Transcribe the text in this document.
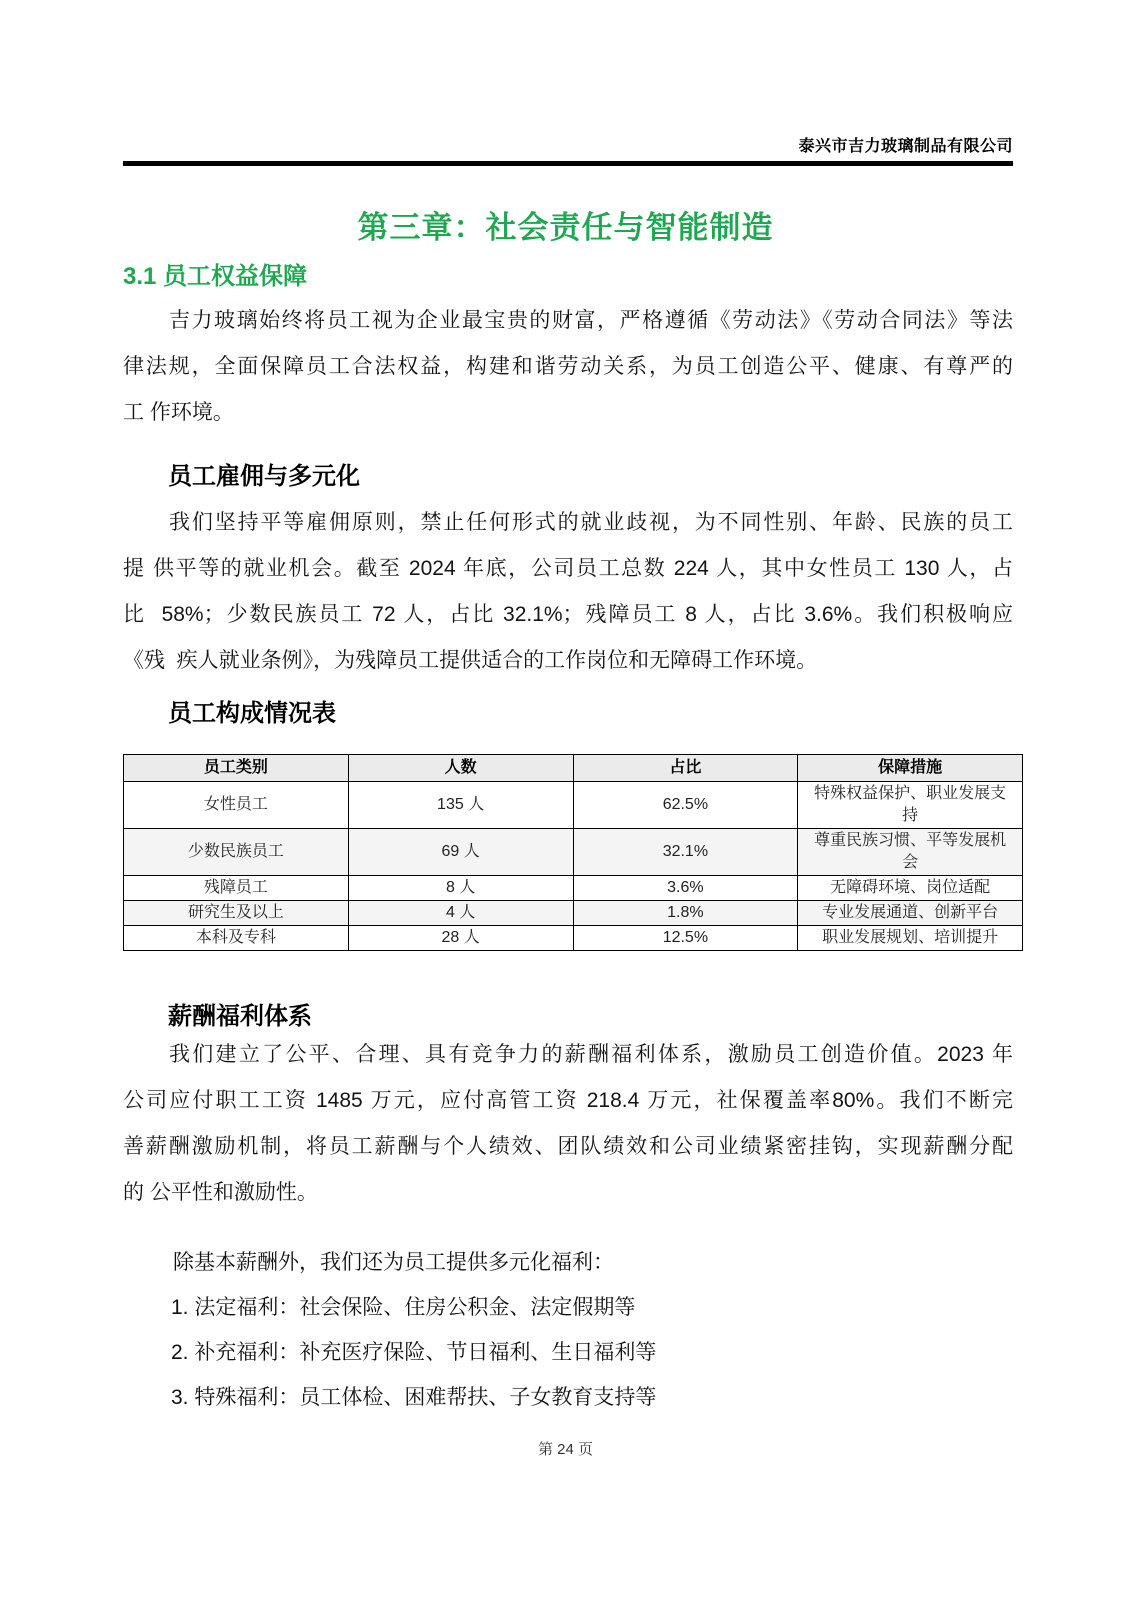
泰兴市吉力玻璃制品有限公司
第三章：社会责任与智能制造
3.1 员工权益保障
吉力玻璃始终将员工视为企业最宝贵的财富，严格遵循《劳动法》《劳动合同法》等法
律法规，全面保障员工合法权益，构建和谐劳动关系，为员工创造公平、健康、有尊严的
工 作环境。
员工雇佣与多元化
我们坚持平等雇佣原则，禁止任何形式的就业歧视，为不同性别、年龄、民族的员工
提 供平等的就业机会。截至 2024 年底，公司员工总数 224 人，其中女性员工 130 人，占
比  58%；少数民族员工 72 人，占比 32.1%；残障员工 8 人，占比 3.6%。我们积极响应
《残  疾人就业条例》，为残障员工提供适合的工作岗位和无障碍工作环境。
员工构成情况表
员工类别	人数	占比	保障措施
女性员工	135 人	62.5%	特殊权益保护、职业发展支持
少数民族员工	69 人	32.1%	尊重民族习惯、平等发展机会
残障员工	8 人	3.6%	无障碍环境、岗位适配
研究生及以上	4 人	1.8%	专业发展通道、创新平台
本科及专科	28 人	12.5%	职业发展规划、培训提升
薪酬福利体系
我们建立了公平、合理、具有竞争力的薪酬福利体系，激励员工创造价值。2023 年
公司应付职工工资 1485 万元，应付高管工资 218.4 万元，社保覆盖率80%。我们不断完
善薪酬激励机制，将员工薪酬与个人绩效、团队绩效和公司业绩紧密挂钩，实现薪酬分配
的 公平性和激励性。
除基本薪酬外，我们还为员工提供多元化福利：
1. 法定福利：社会保险、住房公积金、法定假期等
2. 补充福利：补充医疗保险、节日福利、生日福利等
3. 特殊福利：员工体检、困难帮扶、子女教育支持等
第 24 页
